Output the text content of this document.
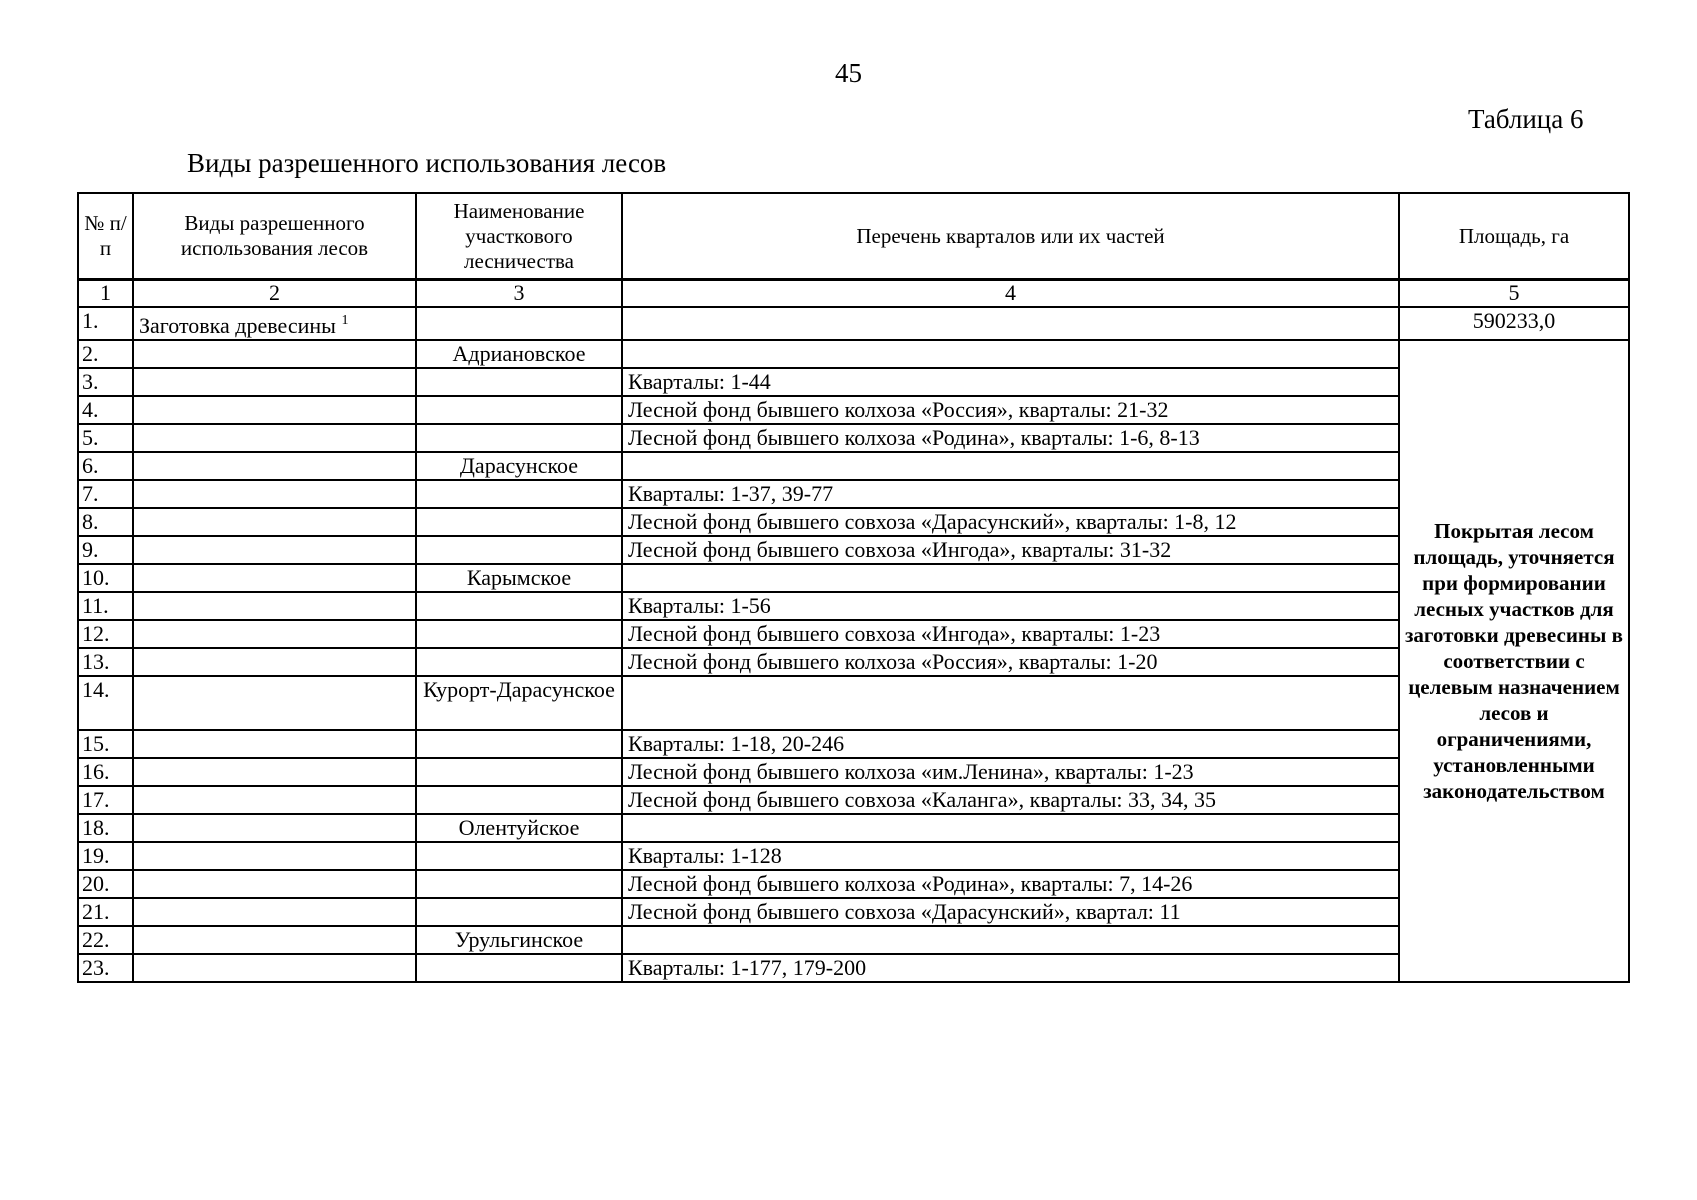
45
Таблица 6
Виды разрешенного использования лесов
№ п/п	Виды разрешенного использования лесов	Наименование участкового лесничества	Перечень кварталов или их частей	Площадь, га
1	2	3	4	5
1.	Заготовка древесины $^1$			590233,0
2.		Адриановское		Покрытая лесом площадь, уточняется при формировании лесных участков для заготовки древесины в соответствии с целевым назначением лесов и ограничениями, установленными законодательством
3.			Кварталы: 1-44	
4.			Лесной фонд бывшего колхоза «Россия», кварталы: 21-32	
5.			Лесной фонд бывшего колхоза «Родина», кварталы: 1-6, 8-13	
6.		Дарасунское		
7.			Кварталы: 1-37, 39-77	
8.			Лесной фонд бывшего совхоза «Дарасунский», кварталы: 1-8, 12	
9.			Лесной фонд бывшего совхоза «Ингода», кварталы: 31-32	
10.		Карымское		
11.			Кварталы: 1-56	
12.			Лесной фонд бывшего совхоза «Ингода», кварталы: 1-23	
13.			Лесной фонд бывшего колхоза «Россия», кварталы: 1-20	
14.		Курорт-Дарасунское		
15.			Кварталы: 1-18, 20-246	
16.			Лесной фонд бывшего колхоза «им.Ленина», кварталы: 1-23	
17.			Лесной фонд бывшего совхоза «Каланга», кварталы: 33, 34, 35	
18.		Олентуйское		
19.			Кварталы: 1-128	
20.			Лесной фонд бывшего колхоза «Родина», кварталы: 7, 14-26	
21.			Лесной фонд бывшего совхоза «Дарасунский», квартал: 11	
22.		Урульгинское		
23.			Кварталы: 1-177, 179-200	
